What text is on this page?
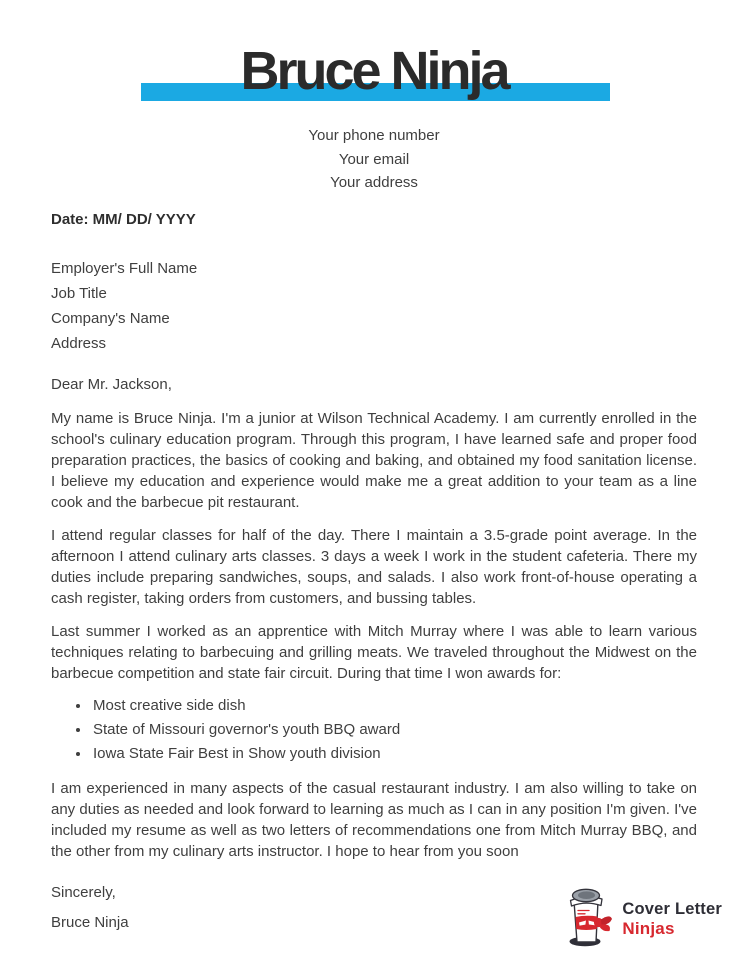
Bruce Ninja
Your phone number
Your email
Your address
Date: MM/ DD/ YYYY
Employer's Full Name
Job Title
Company's Name
Address

Dear Mr. Jackson,

My name is Bruce Ninja. I'm a junior at Wilson Technical Academy. I am currently enrolled in the school's culinary education program. Through this program, I have learned safe and proper food preparation practices, the basics of cooking and baking, and obtained my food sanitation license. I believe my education and experience would make me a great addition to your team as a line cook and the barbecue pit restaurant.

I attend regular classes for half of the day. There I maintain a 3.5-grade point average. In the afternoon I attend culinary arts classes. 3 days a week I work in the student cafeteria. There my duties include preparing sandwiches, soups, and salads. I also work front-of-house operating a cash register, taking orders from customers, and bussing tables.

Last summer I worked as an apprentice with Mitch Murray where I was able to learn various techniques relating to barbecuing and grilling meats. We traveled throughout the Midwest on the barbecue competition and state fair circuit. During that time I won awards for:

• Most creative side dish
• State of Missouri governor's youth BBQ award
• Iowa State Fair Best in Show youth division

I am experienced in many aspects of the casual restaurant industry. I am also willing to take on any duties as needed and look forward to learning as much as I can in any position I'm given. I've included my resume as well as two letters of recommendations one from Mitch Murray BBQ, and the other from my culinary arts instructor. I hope to hear from you soon

Sincerely,

Bruce Ninja

Cover Letter
Ninjas
